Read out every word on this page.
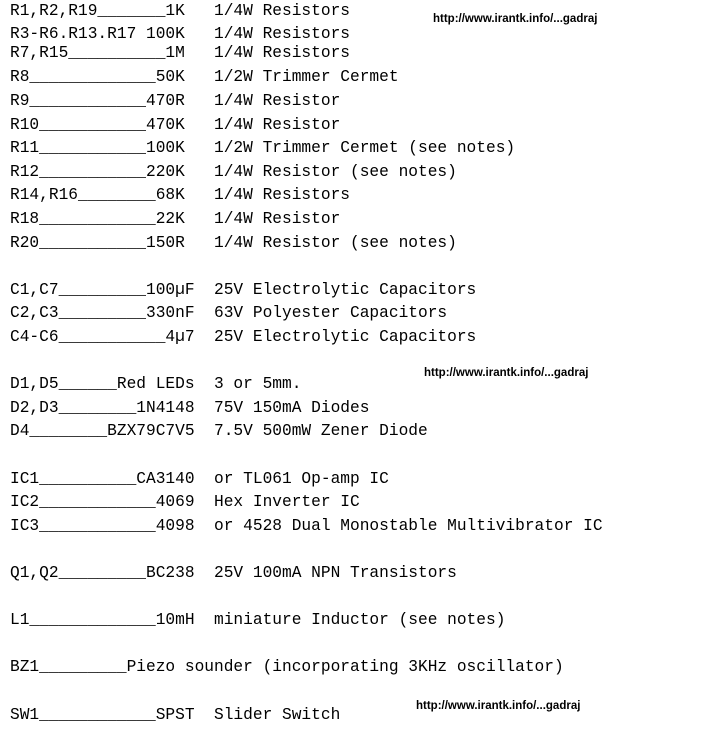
R1,R2,R19_______1K   1/4W Resistors

R3-R6.R13.R17 100K   1/4W Resistors

R7,R15__________1M   1/4W Resistors

R8_____________50K   1/2W Trimmer Cermet

R9____________470R   1/4W Resistor

R10___________470K   1/4W Resistor

R11___________100K   1/2W Trimmer Cermet (see notes)

R12___________220K   1/4W Resistor (see notes)

R14,R16________68K   1/4W Resistors

R18____________22K   1/4W Resistor

R20___________150R   1/4W Resistor (see notes)

C1,C7_________100µF  25V Electrolytic Capacitors

C2,C3_________330nF  63V Polyester Capacitors

C4-C6___________4µ7  25V Electrolytic Capacitors

D1,D5______Red LEDs  3 or 5mm.

D2,D3________1N4148  75V 150mA Diodes

D4________BZX79C7V5  7.5V 500mW Zener Diode

IC1__________CA3140  or TL061 Op-amp IC

IC2____________4069  Hex Inverter IC

IC3____________4098  or 4528 Dual Monostable Multivibrator IC

Q1,Q2_________BC238  25V 100mA NPN Transistors

L1_____________10mH  miniature Inductor (see notes)

BZ1_________Piezo sounder (incorporating 3KHz oscillator)

SW1____________SPST  Slider Switch

http://www.irantk.info/...gadraj
http://www.irantk.info/...gadraj
http://www.irantk.info/...gadraj
